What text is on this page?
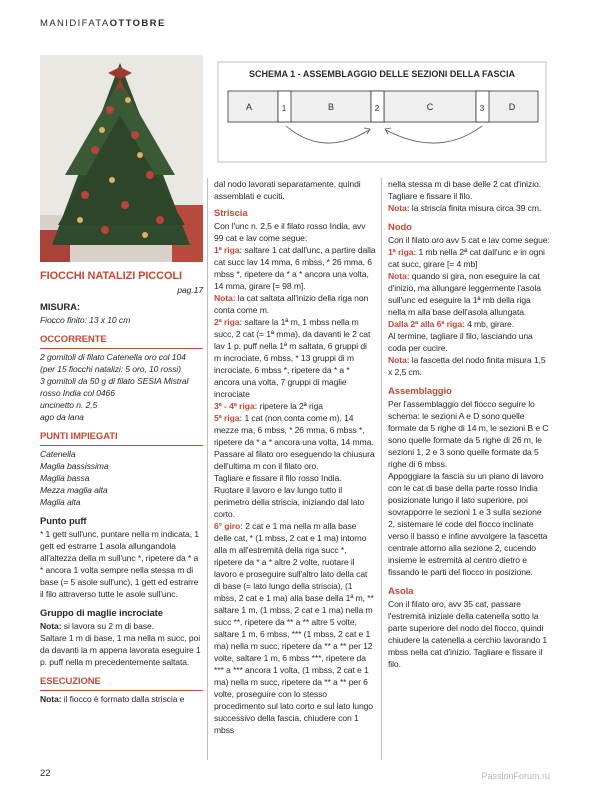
MANIDIFATAOTTOBRE
SCHEMA 1 - ASSEMBLAGGIO DELLE SEZIONI DELLA FASCIA
A	1	B	2	C	3	D
FIOCCHI NATALIZI PICCOLI
pag.17
MISURA:

Fiocco finito: 13 x 10 cm

OCCORRENTE

2 gomitoli di filato Catenella oro col 104

(per 15 fiocchi natalizi: 5 oro, 10 rossi)

3 gomitoli da 50 g di filato SESIA Mistral

rosso India col 0466

uncinetto n. 2,5

ago da lana

PUNTI IMPIEGATI

Catenella

Maglia bassissima

Maglia bassa

Mezza maglia alta

Maglia alta

Punto puff

* 1 gett sull'unc, puntare nella m indicata, 1 gett ed estrarre 1 asola allungandola all'altezza della m sull'unc *, ripetere da * a * ancora 1 volta sempre nella stessa m di base (= 5 asole sull'unc), 1 gett ed estrarre il filo attraverso tutte le asole sull'unc.

Gruppo di maglie incrociate

Nota: si lavora su 2 m di base.

Saltare 1 m di base, 1 ma nella m succ, poi da davanti la m appena lavorata eseguire 1 p. puff nella m precedentemente saltata.

ESECUZIONE

Nota: il fiocco è formato dalla striscia e

dal nodo lavorati separatamente, quindi assemblati e cuciti.

Striscia

Con l'unc n. 2,5 e il filato rosso India, avv 99 cat e lav come segue:

1ª riga: saltare 1 cat dall'unc, a partire dalla cat succ lav 14 mma, 6 mbss, * 26 mma, 6 mbss *, ripetere da * a * ancora una volta, 14 mma, girare [= 98 m].

Nota: la cat saltata all'inizio della riga non conta come m.

2ª riga: saltare la 1ª m, 1 mbss nella m succ, 2 cat (= 1ª mma), da davanti le 2 cat lav 1 p. puff nella 1ª m saltata, 6 gruppi di m incrociate, 6 mbss, * 13 gruppi di m incrociate, 6 mbss *, ripetere da * a * ancora una volta, 7 gruppi di maglie incrociate

3ª - 4ª riga: ripetere la 2ª riga

5ª riga: 1 cat (non conta come m), 14 mezze ma, 6 mbss, * 26 mma, 6 mbss *, ripetere da * a * ancora una volta, 14 mma. Passare al filato oro eseguendo la chiusura dell'ultima m con il filato oro.

Tagliare e fissare il filo rosso India.

Ruotare il lavoro e lav lungo tutto il perimetro della striscia, iniziando dal lato corto.

6° giro: 2 cat e 1 ma nella m alla base delle cat, * (1 mbss, 2 cat e 1 ma) intorno alla m all'estremità della riga succ *, ripetere da * a * altre 2 volte, ruotare il lavoro e proseguire sull'altro lato della cat di base (= lato lungo della striscia), (1 mbss, 2 cat e 1 ma) alla base della 1ª m, ** saltare 1 m, (1 mbss, 2 cat e 1 ma) nella m succ **, ripetere da ** a ** altre 5 volte, saltare 1 m, 6 mbss, *** (1 mbss, 2 cat e 1 ma) nella m succ, ripetere da ** a ** per 12 volte, saltare 1 m, 6 mbss ***, ripetere da *** a *** ancora 1 volta, (1 mbss, 2 cat e 1 ma) nella m succ, ripetere da ** a ** per 6 volte, proseguire con lo stesso procedimento sul lato corto e sul lato lungo successivo della fascia, chiudere con 1 mbss

nella stessa m di base delle 2 cat d'inizio. Tagliare e fissare il filo.

Nota: la striscia finita misura circa 39 cm.

Nodo

Con il filato oro avv 5 cat e lav come segue:

1ª riga: 1 mb nella 2ª cat dall'unc e in ogni cat succ, girare [= 4 mb]

Nota: quando si gira, non eseguire la cat d'inizio, ma allungare leggermente l'asola sull'unc ed eseguire la 1ª mb della riga nella m alla base dell'asola allungata.

Dalla 2ª alla 6ª riga: 4 mb, girare.

Al termine, tagliare il filo, lasciando una coda per cucire.

Nota: la fascetta del nodo finita misura 1,5 x 2,5 cm.

Assemblaggio

Per l'assemblaggio del fiocco seguire lo schema: le sezioni A e D sono quelle formate da 5 righe di 14 m, le sezioni B e C sono quelle formate da 5 righe di 26 m, le sezioni 1, 2 e 3 sono quelle formate da 5 righe di 6 mbss.

Appoggiare la fascia su un piano di lavoro con le cat di base della parte rosso India posizionate lungo il lato superiore, poi sovrapporre le sezioni 1 e 3 sulla sezione 2, sistemare le code del fiocco inclinate verso il basso e infine avvolgere la fascetta centrale attorno alla sezione 2, cucendo insieme le estremità al centro dietro e fissando le parti del fiocco in posizione.

Asola

Con il filato oro, avv 35 cat, passare l'estremità iniziale della catenella sotto la parte superiore del nodo del fiocco, quindi chiudere la catenella a cerchio lavorando 1 mbss nella cat d'inizio. Tagliare e fissare il filo.

22	PassionForum.ru
